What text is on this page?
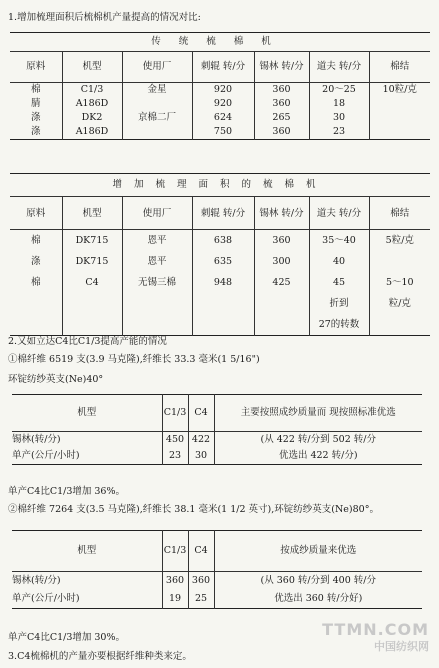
1.增加梳理面积后梳棉机产量提高的情况对比:
传统梳棉机						
原料	机型	使用厂	刺辊 转/分	锡林 转/分	道夫 转/分	棉结
棉	C1/3	金星	920	360	20～25	10粒/克
腈	A186D		920	360	18	
涤	DK2	京棉二厂	624	265	30	
涤	A186D		750	360	23	
增加梳理面积的梳棉机						
原料	机型	使用厂	刺辊 转/分	锡林 转/分	道夫 转/分	棉结
棉	DK715	恩平	638	360	35～40	5粒/克
涤	DK715	恩平	635	300	40	
棉	C4	无锡三棉	948	425	45	5～10
					折到	粒/克
					27的转数	
2.又如立达C4比C1/3提高产能的情况
①棉纤维 6519 支(3.9 马克隆),纤维长 33.3 毫米(1 5/16")
环锭纺纱英支(Ne)40°
机型	C1/3	C4	主要按照成纱质量而 现按照标准优选
锡林(转/分)	450	422	(从 422 转/分到 502 转/分
单产(公斤/小时)	23	30	优选出 422 转/分)
单产C4比C1/3增加 36%。
②棉纤维 7264 支(3.5 马克隆),纤维长 38.1 毫米(1 1/2 英寸),环锭纺纱英支(Ne)80°。
机型	C1/3	C4	按成纱质量来优选
锡林(转/分)	360	360	(从 360 转/分到 400 转/分
单产(公斤/小时)	19	25	优选出 360 转/分好)
单产C4比C1/3增加 30%。
3.C4梳棉机的产量亦要根据纤维种类来定。
TTMN.COM
中国纺织网
